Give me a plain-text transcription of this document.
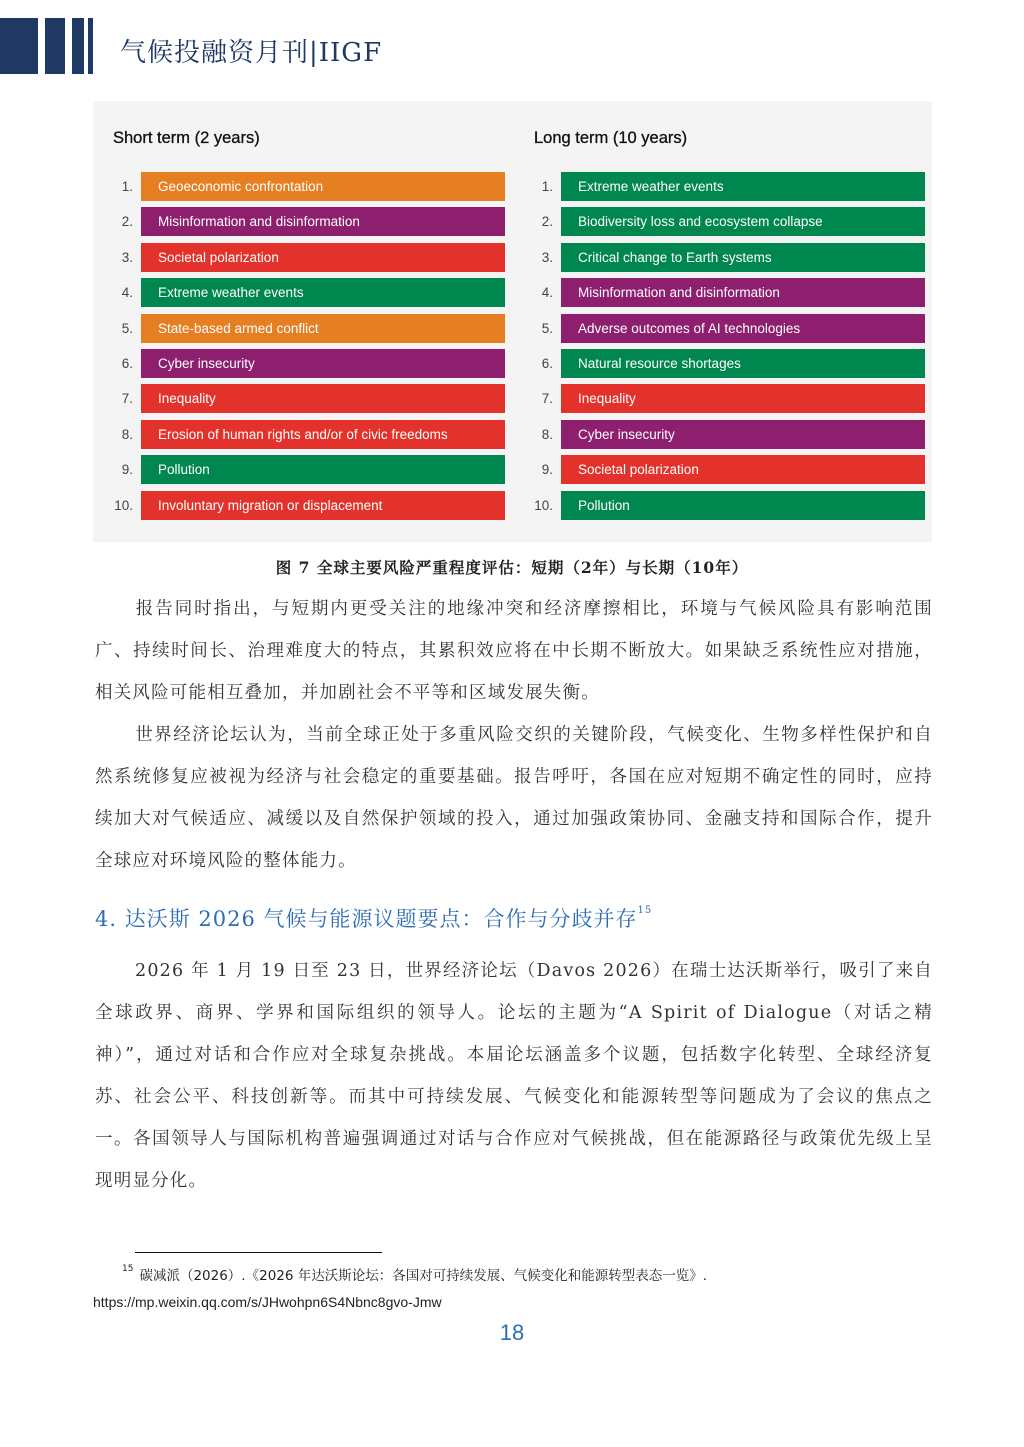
气候投融资月刊|IIGF
Short term (2 years)	Long term (10 years)
1.	Geoeconomic confrontation
2.	Misinformation and disinformation
3.	Societal polarization
4.	Extreme weather events
5.	State-based armed conflict
6.	Cyber insecurity
7.	Inequality
8.	Erosion of human rights and/or of civic freedoms
9.	Pollution
10.	Involuntary migration or displacement
1.	Extreme weather events
2.	Biodiversity loss and ecosystem collapse
3.	Critical change to Earth systems
4.	Misinformation and disinformation
5.	Adverse outcomes of AI technologies
6.	Natural resource shortages
7.	Inequality
8.	Cyber insecurity
9.	Societal polarization
10.	Pollution
图 7 全球主要风险严重程度评估：短期（2年）与长期（10年）
报告同时指出，与短期内更受关注的地缘冲突和经济摩擦相比，环境与气候风险具有影响范围广、持续时间长、治理难度大的特点，其累积效应将在中长期不断放大。如果缺乏系统性应对措施，相关风险可能相互叠加，并加剧社会不平等和区域发展失衡。
世界经济论坛认为，当前全球正处于多重风险交织的关键阶段，气候变化、生物多样性保护和自然系统修复应被视为经济与社会稳定的重要基础。报告呼吁，各国在应对短期不确定性的同时，应持续加大对气候适应、减缓以及自然保护领域的投入，通过加强政策协同、金融支持和国际合作，提升全球应对环境风险的整体能力。
4. 达沃斯 2026 气候与能源议题要点：合作与分歧并存$^{15}$
2026 年 1 月 19 日至 23 日，世界经济论坛（Davos 2026）在瑞士达沃斯举行，吸引了来自全球政界、商界、学界和国际组织的领导人。论坛的主题为“A Spirit of Dialogue（对话之精神）”，通过对话和合作应对全球复杂挑战。本届论坛涵盖多个议题，包括数字化转型、全球经济复苏、社会公平、科技创新等。而其中可持续发展、气候变化和能源转型等问题成为了会议的焦点之一。各国领导人与国际机构普遍强调通过对话与合作应对气候挑战，但在能源路径与政策优先级上呈现明显分化。
$^{15}$ 碳减派（2026）.《2026 年达沃斯论坛：各国对可持续发展、气候变化和能源转型表态一览》.
https://mp.weixin.qq.com/s/JHwohpn6S4Nbnc8gvo-Jmw
18
